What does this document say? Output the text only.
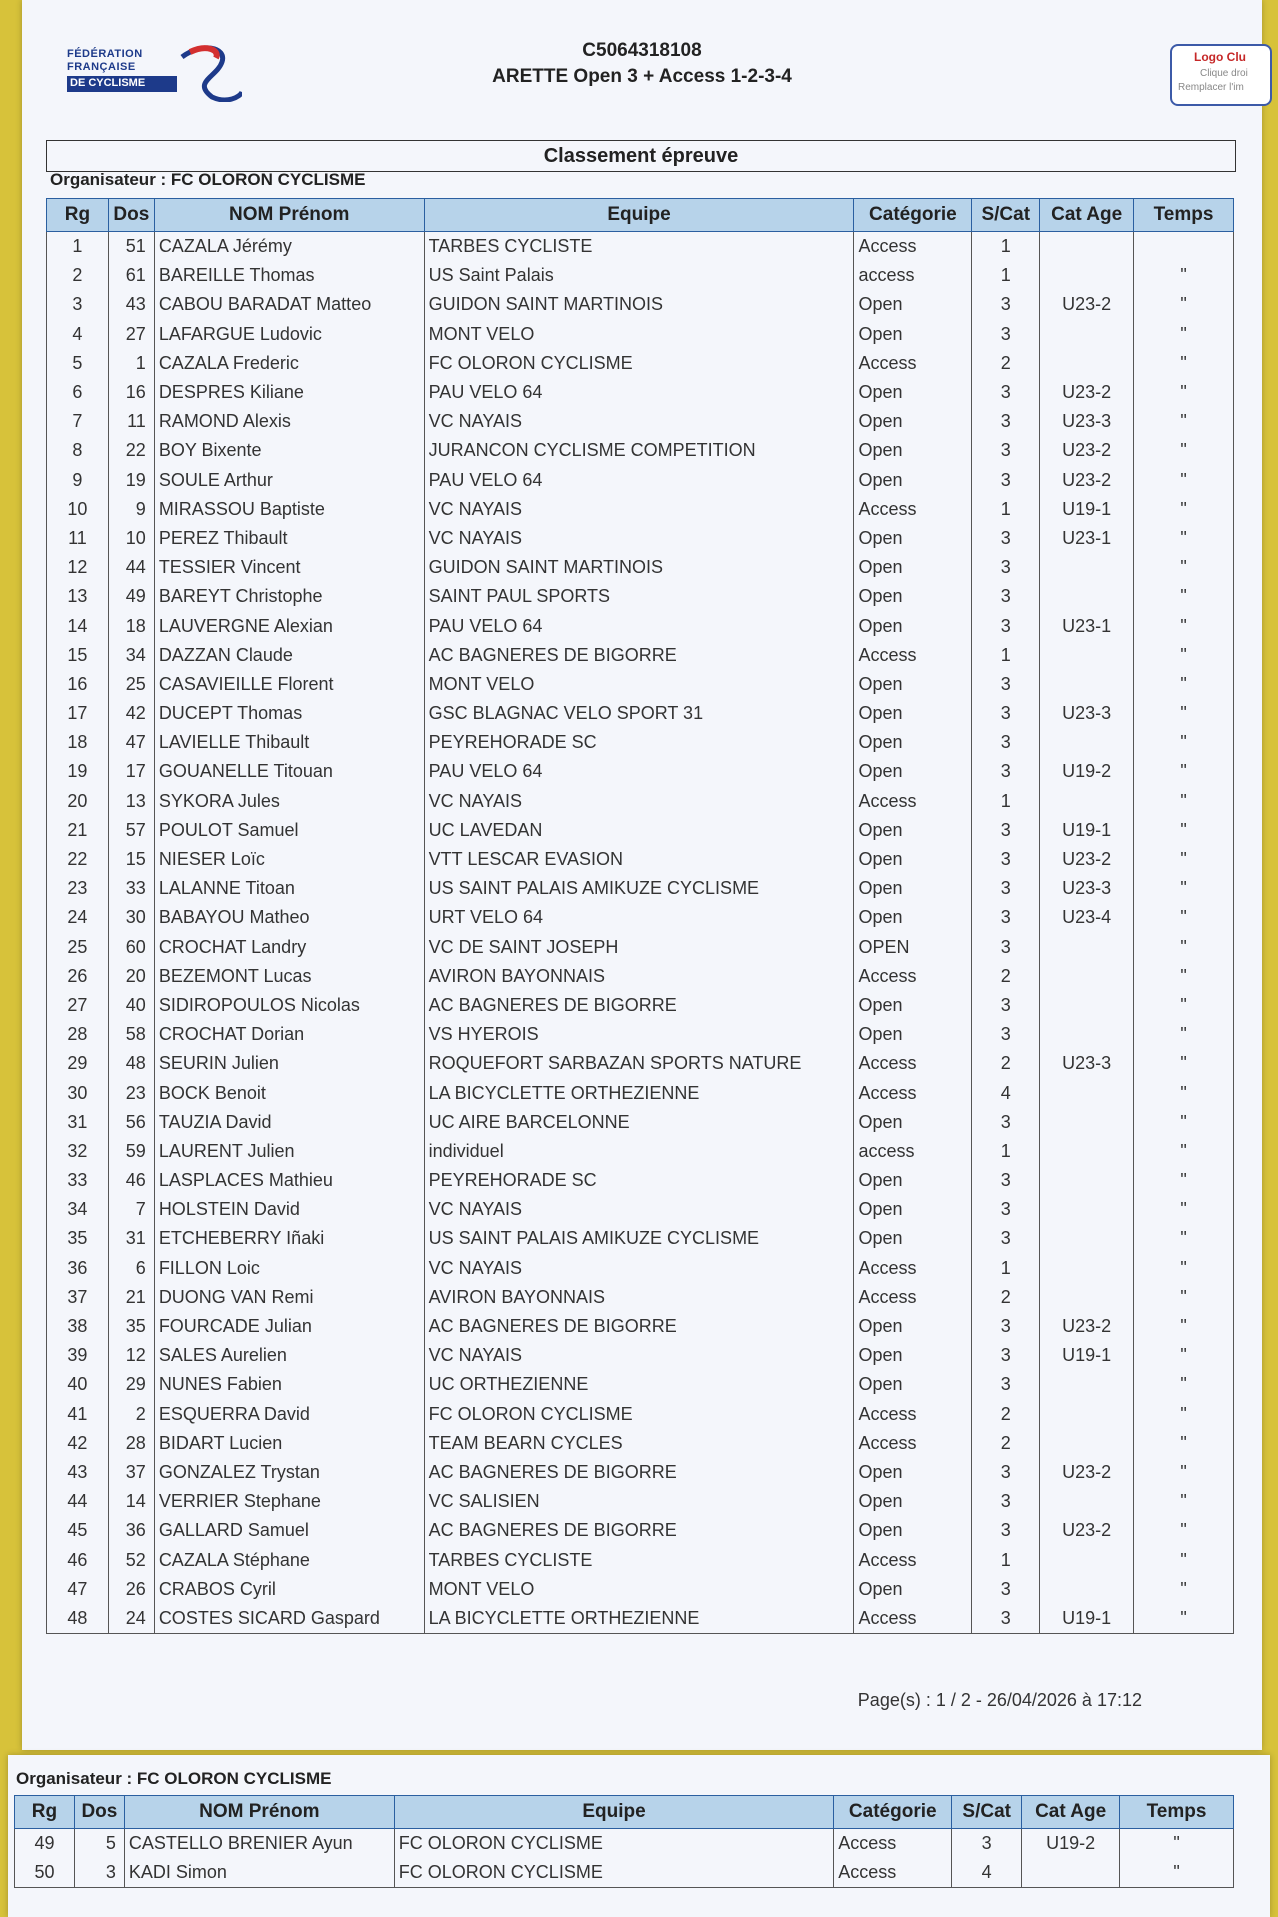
FÉDÉRATION
FRANÇAISE
DE CYCLISME
C5064318108
ARETTE Open 3 + Access 1-2-3-4
Logo Clu
Clique droi
Remplacer l'im
Classement épreuve
Organisateur : FC OLORON CYCLISME
Rg	Dos	NOM Prénom	Equipe	Catégorie	S/Cat	Cat Age	Temps
1	51	CAZALA Jérémy	TARBES CYCLISTE	Access	1		
2	61	BAREILLE Thomas	US Saint Palais	access	1		"
3	43	CABOU BARADAT Matteo	GUIDON SAINT MARTINOIS	Open	3	U23-2	"
4	27	LAFARGUE Ludovic	MONT VELO	Open	3		"
5	1	CAZALA Frederic	FC OLORON CYCLISME	Access	2		"
6	16	DESPRES Kiliane	PAU VELO 64	Open	3	U23-2	"
7	11	RAMOND Alexis	VC NAYAIS	Open	3	U23-3	"
8	22	BOY Bixente	JURANCON CYCLISME COMPETITION	Open	3	U23-2	"
9	19	SOULE Arthur	PAU VELO 64	Open	3	U23-2	"
10	9	MIRASSOU Baptiste	VC NAYAIS	Access	1	U19-1	"
11	10	PEREZ Thibault	VC NAYAIS	Open	3	U23-1	"
12	44	TESSIER Vincent	GUIDON SAINT MARTINOIS	Open	3		"
13	49	BAREYT Christophe	SAINT PAUL SPORTS	Open	3		"
14	18	LAUVERGNE Alexian	PAU VELO 64	Open	3	U23-1	"
15	34	DAZZAN Claude	AC BAGNERES DE BIGORRE	Access	1		"
16	25	CASAVIEILLE Florent	MONT VELO	Open	3		"
17	42	DUCEPT Thomas	GSC BLAGNAC VELO SPORT 31	Open	3	U23-3	"
18	47	LAVIELLE Thibault	PEYREHORADE SC	Open	3		"
19	17	GOUANELLE Titouan	PAU VELO 64	Open	3	U19-2	"
20	13	SYKORA Jules	VC NAYAIS	Access	1		"
21	57	POULOT Samuel	UC LAVEDAN	Open	3	U19-1	"
22	15	NIESER Loïc	VTT LESCAR EVASION	Open	3	U23-2	"
23	33	LALANNE Titoan	US SAINT PALAIS AMIKUZE CYCLISME	Open	3	U23-3	"
24	30	BABAYOU Matheo	URT VELO 64	Open	3	U23-4	"
25	60	CROCHAT Landry	VC DE SAINT JOSEPH	OPEN	3		"
26	20	BEZEMONT Lucas	AVIRON BAYONNAIS	Access	2		"
27	40	SIDIROPOULOS Nicolas	AC BAGNERES DE BIGORRE	Open	3		"
28	58	CROCHAT Dorian	VS HYEROIS	Open	3		"
29	48	SEURIN Julien	ROQUEFORT SARBAZAN SPORTS NATURE	Access	2	U23-3	"
30	23	BOCK Benoit	LA BICYCLETTE ORTHEZIENNE	Access	4		"
31	56	TAUZIA David	UC AIRE BARCELONNE	Open	3		"
32	59	LAURENT Julien	individuel	access	1		"
33	46	LASPLACES Mathieu	PEYREHORADE SC	Open	3		"
34	7	HOLSTEIN David	VC NAYAIS	Open	3		"
35	31	ETCHEBERRY Iñaki	US SAINT PALAIS AMIKUZE CYCLISME	Open	3		"
36	6	FILLON Loic	VC NAYAIS	Access	1		"
37	21	DUONG VAN Remi	AVIRON BAYONNAIS	Access	2		"
38	35	FOURCADE Julian	AC BAGNERES DE BIGORRE	Open	3	U23-2	"
39	12	SALES Aurelien	VC NAYAIS	Open	3	U19-1	"
40	29	NUNES Fabien	UC ORTHEZIENNE	Open	3		"
41	2	ESQUERRA David	FC OLORON CYCLISME	Access	2		"
42	28	BIDART Lucien	TEAM BEARN CYCLES	Access	2		"
43	37	GONZALEZ Trystan	AC BAGNERES DE BIGORRE	Open	3	U23-2	"
44	14	VERRIER Stephane	VC SALISIEN	Open	3		"
45	36	GALLARD Samuel	AC BAGNERES DE BIGORRE	Open	3	U23-2	"
46	52	CAZALA Stéphane	TARBES CYCLISTE	Access	1		"
47	26	CRABOS Cyril	MONT VELO	Open	3		"
48	24	COSTES SICARD Gaspard	LA BICYCLETTE ORTHEZIENNE	Access	3	U19-1	"
Page(s) : 1 / 2 - 26/04/2026 à 17:12
Organisateur : FC OLORON CYCLISME
Rg	Dos	NOM Prénom	Equipe	Catégorie	S/Cat	Cat Age	Temps
49	5	CASTELLO BRENIER Ayun	FC OLORON CYCLISME	Access	3	U19-2	"
50	3	KADI Simon	FC OLORON CYCLISME	Access	4		"
